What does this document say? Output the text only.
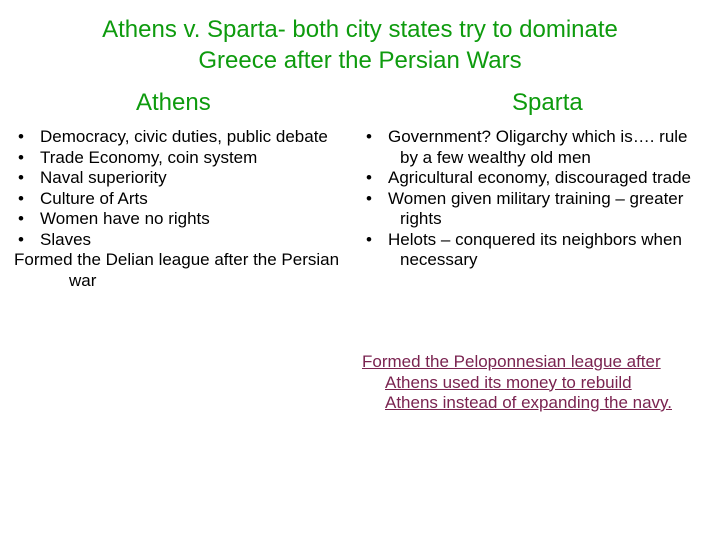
Athens v. Sparta- both city states try to dominate
Greece after the Persian Wars
Athens	Sparta
• Democracy, civic duties, public debate
• Trade Economy, coin system
• Naval superiority
• Culture of Arts
• Women have no rights
• Slaves
Formed the Delian league after the Persian war
• Government? Oligarchy which is…. rule by a few wealthy old men
• Agricultural economy, discouraged trade
• Women given military training – greater rights
• Helots – conquered its neighbors when necessary
Formed the Peloponnesian league after Athens used its money to rebuild Athens instead of expanding the navy.
